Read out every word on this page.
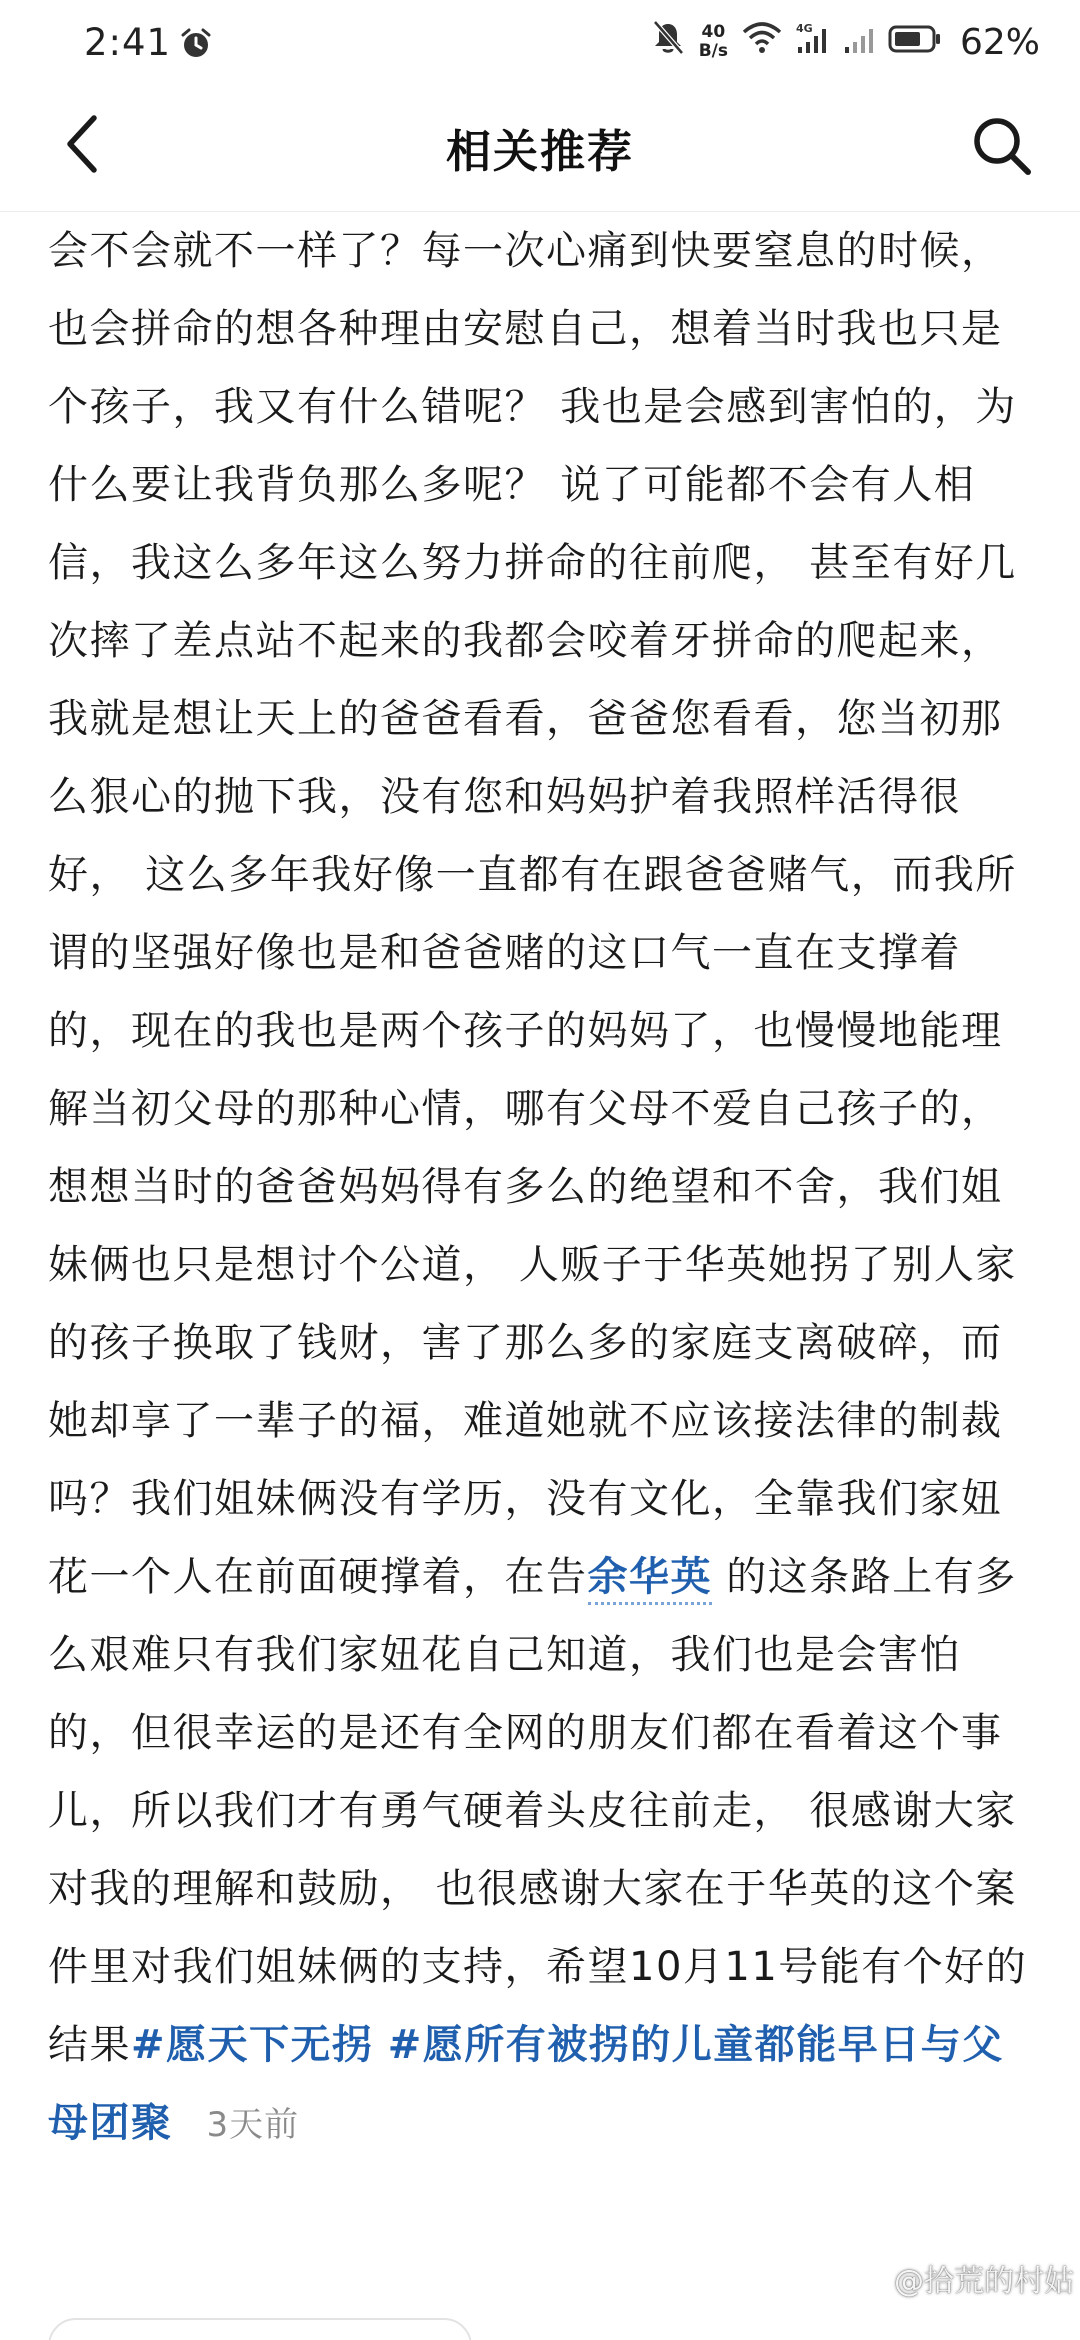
2:41	40
B/s
4G	62%
相关推荐

会不会就不一样了？每一次心痛到快要窒息的时候，也会拼命的想各种理由安慰自己，想着当时我也只是个孩子，我又有什么错呢？ 我也是会感到害怕的，为什么要让我背负那么多呢？ 说了可能都不会有人相信，我这么多年这么努力拼命的往前爬， 甚至有好几次摔了差点站不起来的我都会咬着牙拼命的爬起来，我就是想让天上的爸爸看看，爸爸您看看，您当初那么狠心的抛下我，没有您和妈妈护着我照样活得很好， 这么多年我好像一直都有在跟爸爸赌气，而我所谓的坚强好像也是和爸爸赌的这口气一直在支撑着的，现在的我也是两个孩子的妈妈了，也慢慢地能理解当初父母的那种心情，哪有父母不爱自己孩子的，想想当时的爸爸妈妈得有多么的绝望和不舍，我们姐妹俩也只是想讨个公道， 人贩子于华英她拐了别人家的孩子换取了钱财，害了那么多的家庭支离破碎，而她却享了一辈子的福，难道她就不应该接法律的制裁吗？我们姐妹俩没有学历，没有文化，全靠我们家妞花一个人在前面硬撑着，在告余华英 的这条路上有多么艰难只有我们家妞花自己知道，我们也是会害怕的，但很幸运的是还有全网的朋友们都在看着这个事儿，所以我们才有勇气硬着头皮往前走， 很感谢大家对我的理解和鼓励， 也很感谢大家在于华英的这个案件里对我们姐妹俩的支持，希望10月11号能有个好的结果#愿天下无拐 #愿所有被拐的儿童都能早日与父母团聚 3天前

@拾荒的村姑
